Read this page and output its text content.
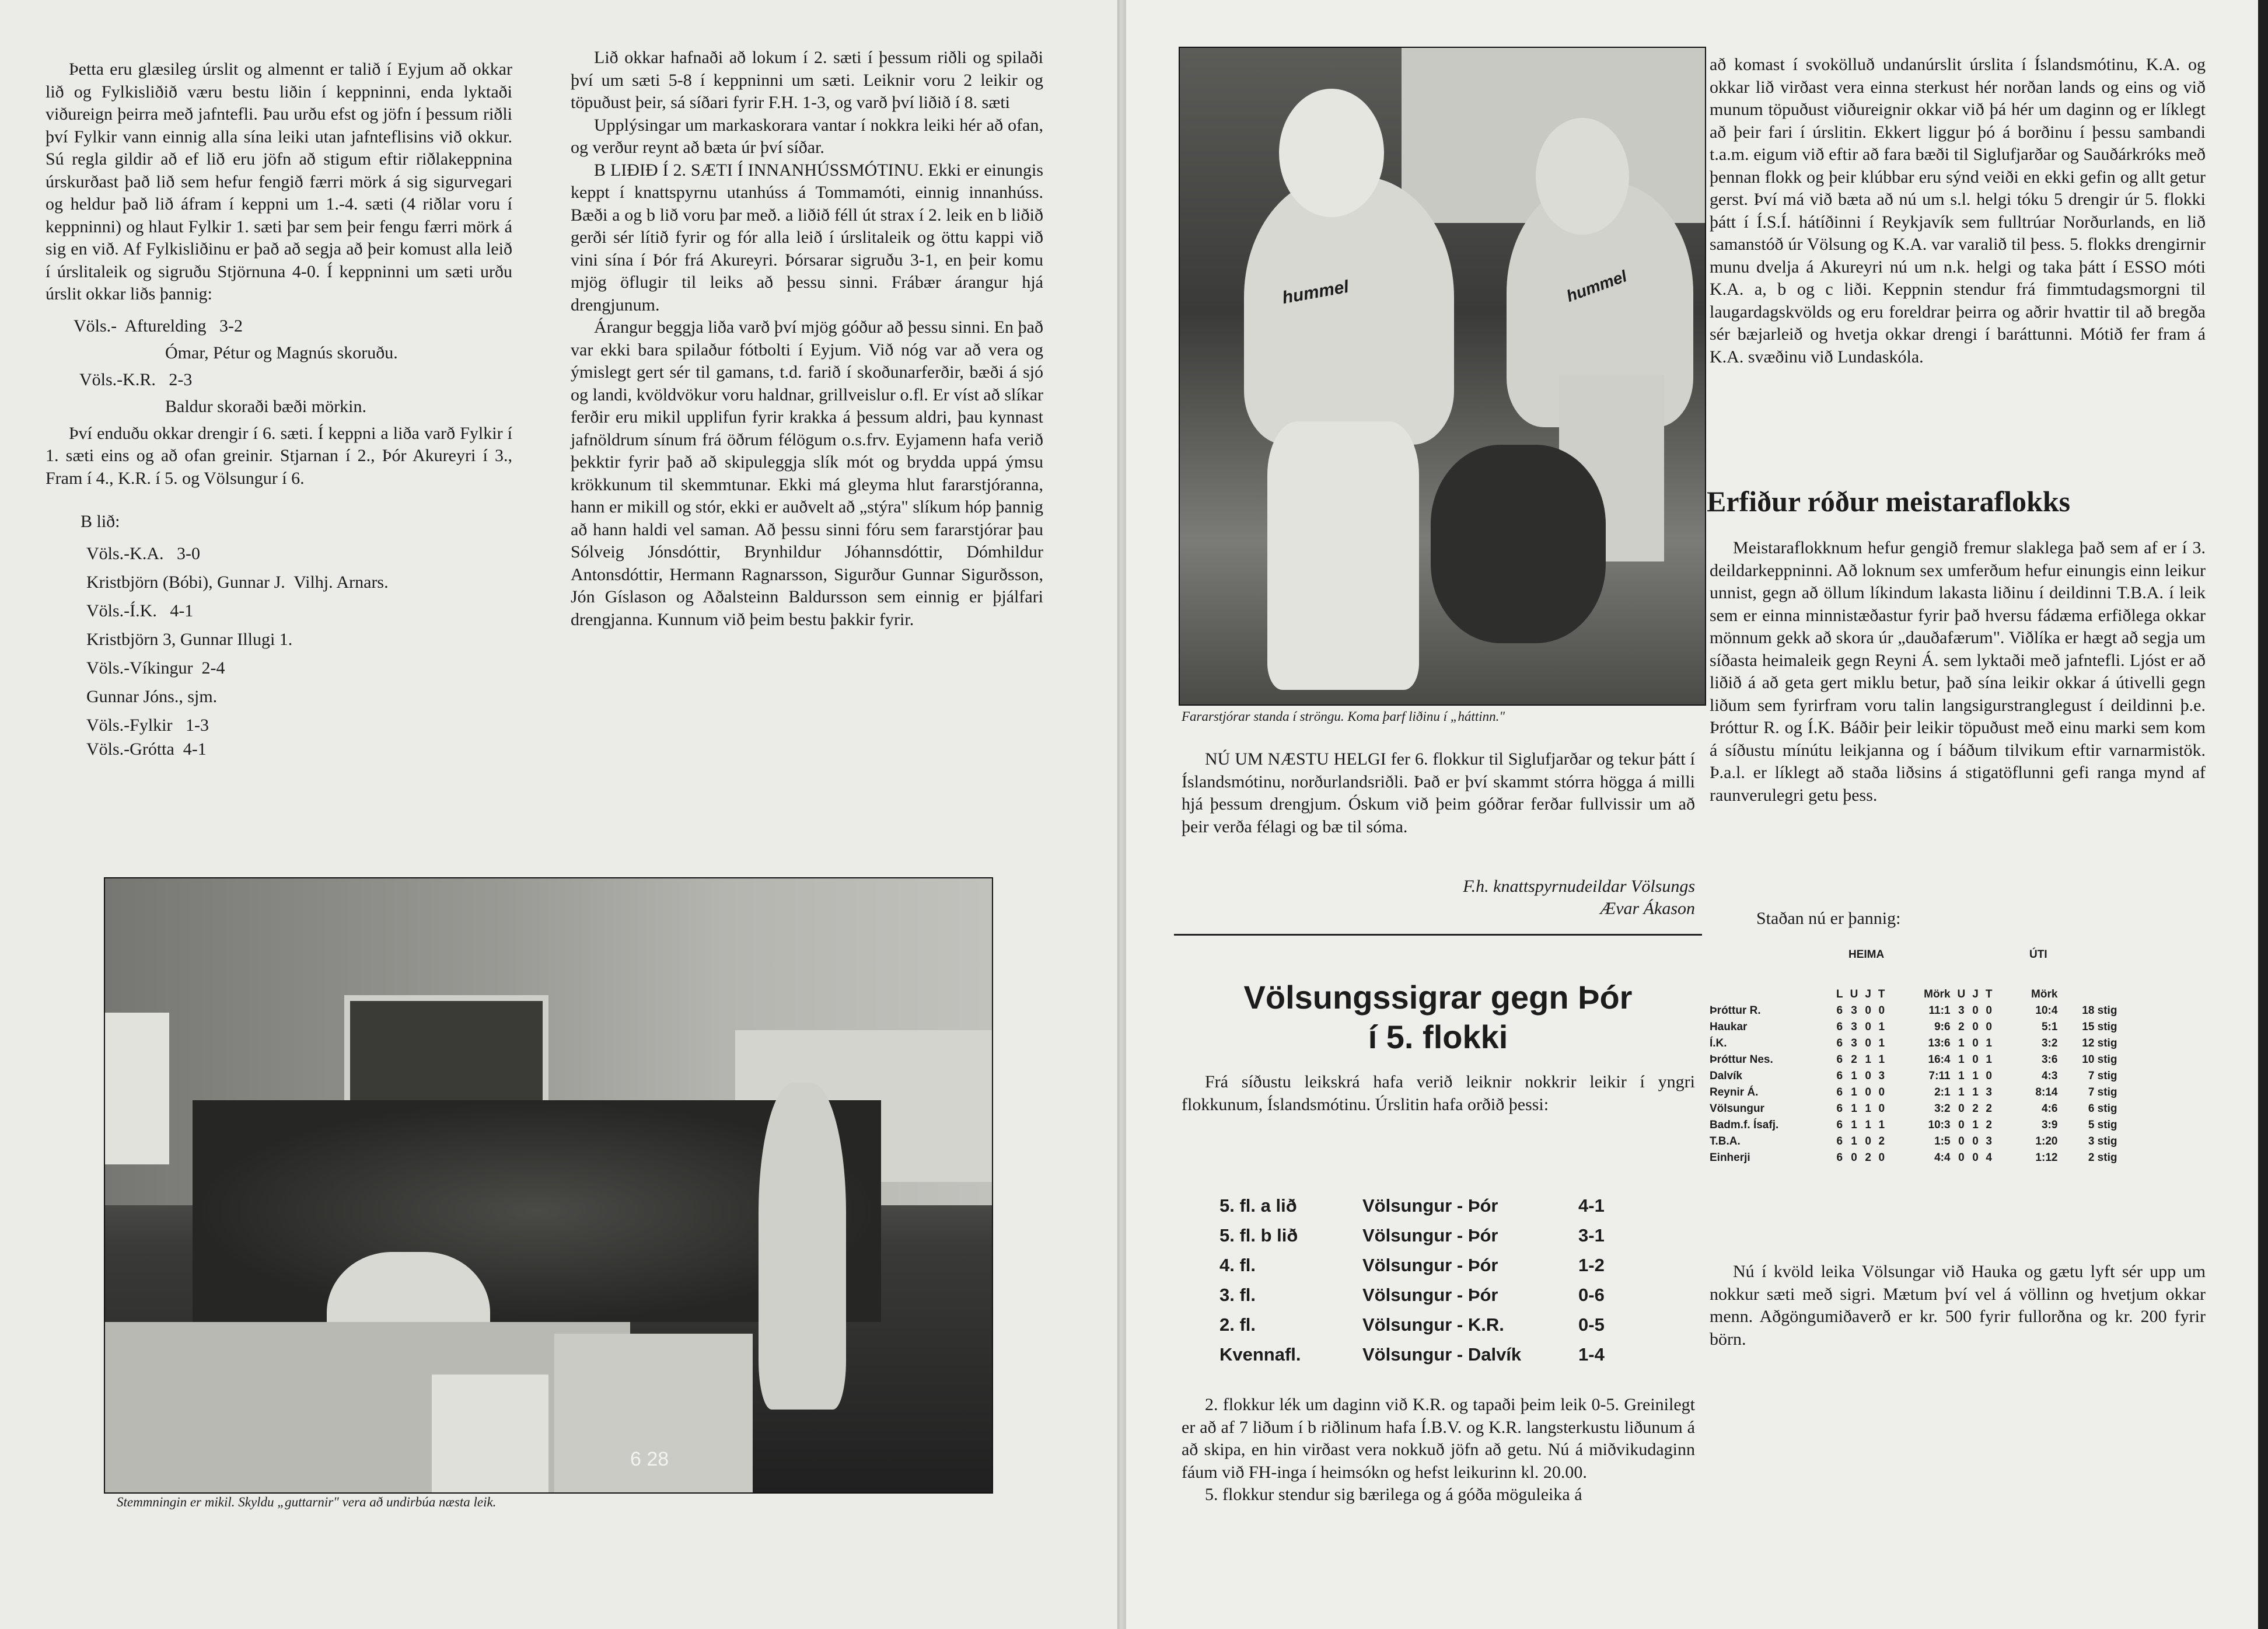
Þetta eru glæsileg úrslit og almennt er talið í Eyjum að okkar lið og Fylkisliðið væru bestu liðin í keppninni, enda lyktaði viðureign þeirra með jafntefli. Þau urðu efst og jöfn í þessum riðli því Fylkir vann einnig alla sína leiki utan jafnteflisins við okkur. Sú regla gildir að ef lið eru jöfn að stigum eftir riðlakeppnina úrskurðast það lið sem hefur fengið færri mörk á sig sigurvegari og heldur það lið áfram í keppni um 1.-4. sæti (4 riðlar voru í keppninni) og hlaut Fylkir 1. sæti þar sem þeir fengu færri mörk á sig en við. Af Fylkisliðinu er það að segja að þeir komust alla leið í úrslitaleik og sigruðu Stjörnuna 4-0. Í keppninni um sæti urðu úrslit okkar liðs þannig:

Völs.-  Afturelding   3-2
Ómar, Pétur og Magnús skoruðu.
Völs.-K.R.   2-3
Baldur skoraði bæði mörkin.

Því enduðu okkar drengir í 6. sæti. Í keppni a liða varð Fylkir í 1. sæti eins og að ofan greinir. Stjarnan í 2., Þór Akureyri í 3., Fram í 4., K.R. í 5. og Völsungur í 6.

B lið:
Völs.-K.A.   3-0
Kristbjörn (Bóbi), Gunnar J.  Vilhj. Arnars.
Völs.-Í.K.   4-1
Kristbjörn 3, Gunnar Illugi 1.
Völs.-Víkingur  2-4
Gunnar Jóns., sjm.
Völs.-Fylkir   1-3
Völs.-Grótta  4-1

Lið okkar hafnaði að lokum í 2. sæti í þessum riðli og spilaði því um sæti 5-8 í keppninni um sæti. Leiknir voru 2 leikir og töpuðust þeir, sá síðari fyrir F.H. 1-3, og varð því liðið í 8. sæti

Upplýsingar um markaskorara vantar í nokkra leiki hér að ofan, og verður reynt að bæta úr því síðar.

B LIÐIÐ Í 2. SÆTI Í INNANHÚSSMÓTINU. Ekki er einungis keppt í knattspyrnu utanhúss á Tommamóti, einnig innanhúss. Bæði a og b lið voru þar með. a liðið féll út strax í 2. leik en b liðið gerði sér lítið fyrir og fór alla leið í úrslitaleik og öttu kappi við vini sína í Þór frá Akureyri. Þórsarar sigruðu 3-1, en þeir komu mjög öflugir til leiks að þessu sinni. Frábær árangur hjá drengjunum.

Árangur beggja liða varð því mjög góður að þessu sinni. En það var ekki bara spilaður fótbolti í Eyjum. Við nóg var að vera og ýmislegt gert sér til gamans, t.d. farið í skoðunarferðir, bæði á sjó og landi, kvöldvökur voru haldnar, grillveislur o.fl. Er víst að slíkar ferðir eru mikil upplifun fyrir krakka á þessum aldri, þau kynnast jafnöldrum sínum frá öðrum félögum o.s.frv. Eyjamenn hafa verið þekktir fyrir það að skipuleggja slík mót og brydda uppá ýmsu krökkunum til skemmtunar. Ekki má gleyma hlut fararstjóranna, hann er mikill og stór, ekki er auðvelt að „stýra" slíkum hóp þannig að hann haldi vel saman. Að þessu sinni fóru sem fararstjórar þau Sólveig Jónsdóttir, Brynhildur Jóhannsdóttir, Dómhildur Antonsdóttir, Hermann Ragnarsson, Sigurður Gunnar Sigurðsson, Jón Gíslason og Aðalsteinn Baldursson sem einnig er þjálfari drengjanna. Kunnum við þeim bestu þakkir fyrir.

6 28
Stemmningin er mikil. Skyldu „guttarnir" vera að undirbúa næsta leik.
hummel	hummel
Fararstjórar standa í ströngu. Koma þarf liðinu í „háttinn."

NÚ UM NÆSTU HELGI fer 6. flokkur til Siglufjarðar og tekur þátt í Íslandsmótinu, norðurlandsriðli. Það er því skammt stórra högga á milli hjá þessum drengjum. Óskum við þeim góðrar ferðar fullvissir um að þeir verða félagi og bæ til sóma.

F.h. knattspyrnudeildar Völsungs
Ævar Ákason
Völsungssigrar gegn Þór
í 5. flokki

Frá síðustu leikskrá hafa verið leiknir nokkrir leikir í yngri flokkunum, Íslandsmótinu. Úrslitin hafa orðið þessi:

5. fl. a lið	Völsungur - Þór	4-1
5. fl. b lið	Völsungur - Þór	3-1
4. fl.	Völsungur - Þór	1-2
3. fl.	Völsungur - Þór	0-6
2. fl.	Völsungur - K.R.	0-5
Kvennafl.	Völsungur - Dalvík	1-4

2. flokkur lék um daginn við K.R. og tapaði þeim leik 0-5. Greinilegt er að af 7 liðum í b riðlinum hafa Í.B.V. og K.R. langsterkustu liðunum á að skipa, en hin virðast vera nokkuð jöfn að getu. Nú á miðvikudaginn fáum við FH-inga í heimsókn og hefst leikurinn kl. 20.00.

5. flokkur stendur sig bærilega og á góða möguleika á

að komast í svokölluð undanúrslit úrslita í Íslandsmótinu, K.A. og okkar lið virðast vera einna sterkust hér norðan lands og eins og við munum töpuðust viðureignir okkar við þá hér um daginn og er líklegt að þeir fari í úrslitin. Ekkert liggur þó á borðinu í þessu sambandi t.a.m. eigum við eftir að fara bæði til Siglufjarðar og Sauðárkróks með þennan flokk og þeir klúbbar eru sýnd veiði en ekki gefin og allt getur gerst. Því má við bæta að nú um s.l. helgi tóku 5 drengir úr 5. flokki þátt í Í.S.Í. hátíðinni í Reykjavík sem fulltrúar Norðurlands, en lið samanstóð úr Völsung og K.A. var varalið til þess. 5. flokks drengirnir munu dvelja á Akureyri nú um n.k. helgi og taka þátt í ESSO móti K.A. a, b og c liði. Keppnin stendur frá fimmtudagsmorgni til laugardagskvölds og eru foreldrar þeirra og aðrir hvattir til að bregða sér bæjarleið og hvetja okkar drengi í baráttunni. Mótið fer fram á K.A. svæðinu við Lundaskóla.

Erfiður róður meistaraflokks

Meistaraflokknum hefur gengið fremur slaklega það sem af er í 3. deildarkeppninni. Að loknum sex umferðum hefur einungis einn leikur unnist, gegn að öllum líkindum lakasta liðinu í deildinni T.B.A. í leik sem er einna minnistæðastur fyrir það hversu fádæma erfiðlega okkar mönnum gekk að skora úr „dauðafærum". Viðlíka er hægt að segja um síðasta heimaleik gegn Reyni Á. sem lyktaði með jafntefli. Ljóst er að liðið á að geta gert miklu betur, það sína leikir okkar á útivelli gegn liðum sem fyrirfram voru talin langsigurstranglegust í deildinni þ.e. Þróttur R. og Í.K. Báðir þeir leikir töpuðust með einu marki sem kom á síðustu mínútu leikjanna og í báðum tilvikum eftir varnarmistök. Þ.a.l. er líklegt að staða liðsins á stigatöflunni gefi ranga mynd af raunverulegri getu þess.

Staðan nú er þannig:
HEIMA	ÚTI
	L	U	J	T	Mörk	U	J	T	Mörk	
Þróttur R.	6	3	0	0	11:1	3	0	0	10:4	18 stig
Haukar	6	3	0	1	9:6	2	0	0	5:1	15 stig
Í.K.	6	3	0	1	13:6	1	0	1	3:2	12 stig
Þróttur Nes.	6	2	1	1	16:4	1	0	1	3:6	10 stig
Dalvík	6	1	0	3	7:11	1	1	0	4:3	7 stig
Reynir Á.	6	1	0	0	2:1	1	1	3	8:14	7 stig
Völsungur	6	1	1	0	3:2	0	2	2	4:6	6 stig
Badm.f. Ísafj.	6	1	1	1	10:3	0	1	2	3:9	5 stig
T.B.A.	6	1	0	2	1:5	0	0	3	1:20	3 stig
Einherji	6	0	2	0	4:4	0	0	4	1:12	2 stig

Nú í kvöld leika Völsungar við Hauka og gætu lyft sér upp um nokkur sæti með sigri. Mætum því vel á völlinn og hvetjum okkar menn. Aðgöngumiðaverð er kr. 500 fyrir fullorðna og kr. 200 fyrir börn.
